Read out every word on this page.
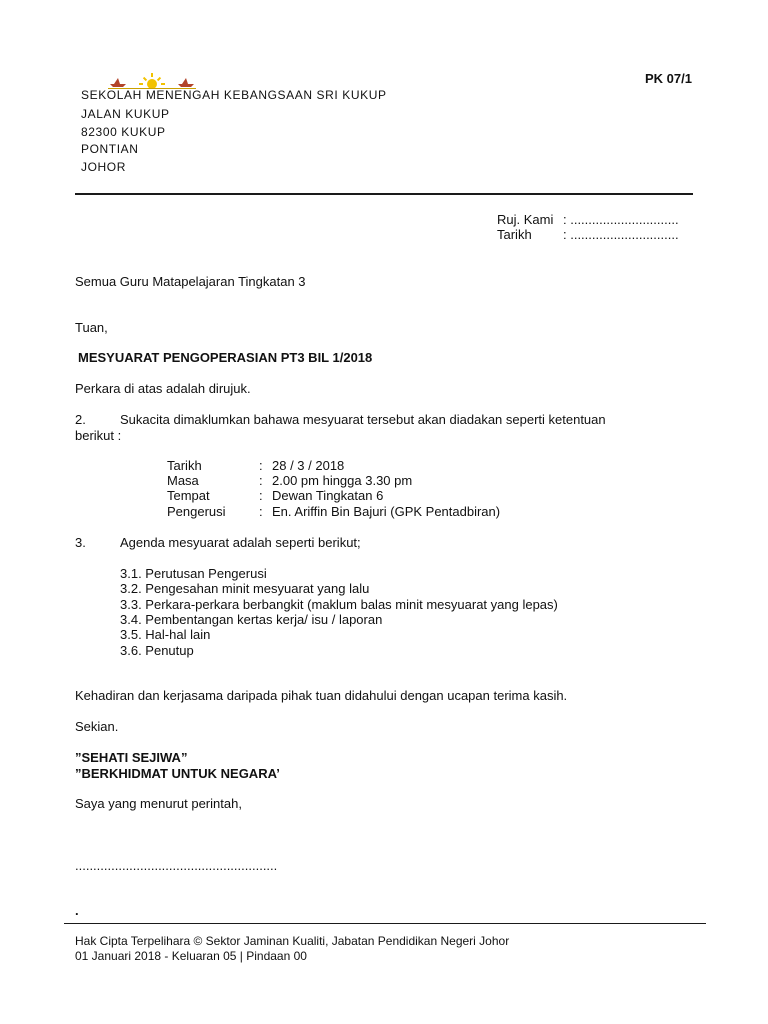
PK 07/1
SEKOLAH MENENGAH KEBANGSAAN SRI KUKUP
JALAN KUKUP
82300 KUKUP
PONTIAN
JOHOR
Ruj. Kami : ..............................
Tarikh : ..............................
Semua Guru Matapelajaran Tingkatan 3
Tuan,
MESYUARAT PENGOPERASIAN PT3 BIL 1/2018
Perkara di atas adalah dirujuk.
2.	Sukacita dimaklumkan bahawa mesyuarat tersebut akan diadakan seperti ketentuan
berikut :
Tarikh	: 28 / 3 / 2018
Masa	: 2.00 pm hingga 3.30 pm
Tempat	: Dewan Tingkatan 6
Pengerusi	: En. Ariffin Bin Bajuri (GPK Pentadbiran)
3.	Agenda mesyuarat adalah seperti berikut;
3.1. Perutusan Pengerusi
3.2. Pengesahan minit mesyuarat yang lalu
3.3. Perkara-perkara berbangkit (maklum balas minit mesyuarat yang lepas)
3.4. Pembentangan kertas kerja/ isu / laporan
3.5. Hal-hal lain
3.6. Penutup
Kehadiran dan kerjasama daripada pihak tuan didahului dengan ucapan terima kasih.
Sekian.
”SEHATI SEJIWA”
”BERKHIDMAT UNTUK NEGARA’
Saya yang menurut perintah,
........................................................
.
Hak Cipta Terpelihara © Sektor Jaminan Kualiti, Jabatan Pendidikan Negeri Johor
01 Januari 2018 - Keluaran 05 | Pindaan 00
